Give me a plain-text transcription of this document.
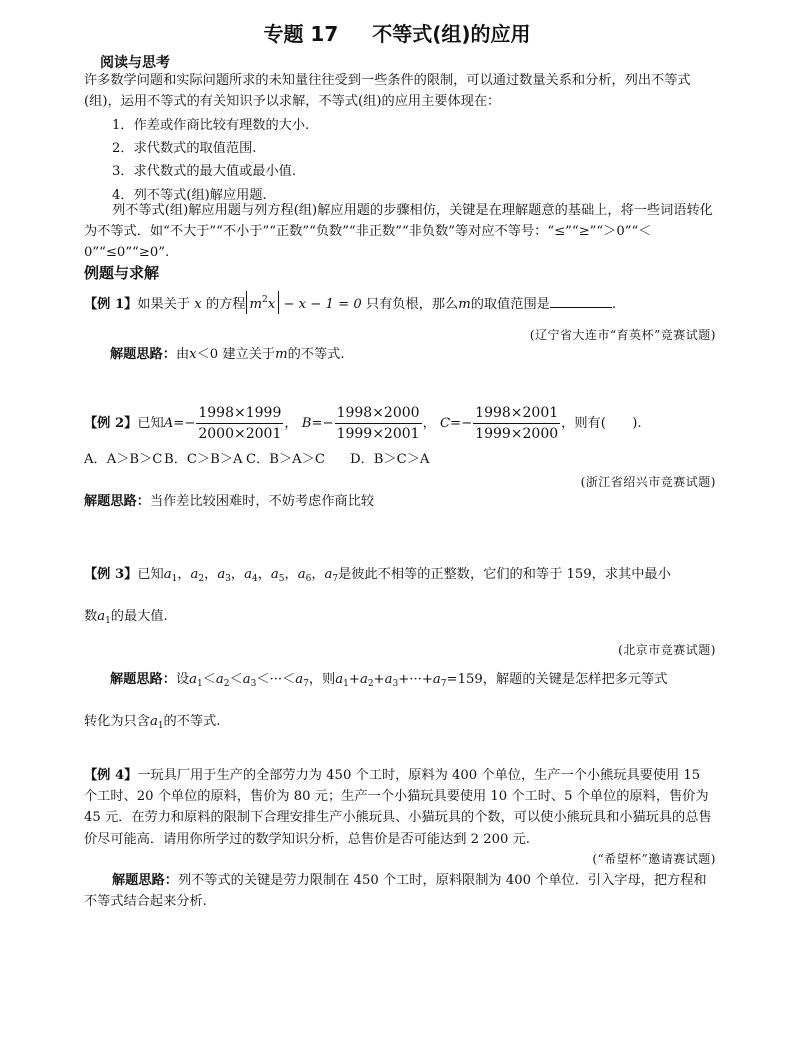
专题 17 不等式(组)的应用
阅读与思考
许多数学问题和实际问题所求的未知量往往受到一些条件的限制，可以通过数量关系和分析，列出不等式(组)，运用不等式的有关知识予以求解，不等式(组)的应用主要体现在：
1．作差或作商比较有理数的大小.
2．求代数式的取值范围.
3．求代数式的最大值或最小值.
4．列不等式(组)解应用题.
列不等式(组)解应用题与列方程(组)解应用题的步骤相仿，关键是在理解题意的基础上，将一些词语转化为不等式．如“不大于”“不小于”“正数”“负数”“非正数”“非负数”等对应不等号：“≤”“≥”“＞0”“＜0”“≤0”“≥0”.
例题与求解
【例 1】如果关于 x 的方程 $m^2x - x - 1 = 0$ 只有负根，那么m的取值范围是	.
(辽宁省大连市“育英杯”竞赛试题)
解题思路：由x＜0 建立关于m的不等式.
【例 2】已知$A=- \frac{1998\times 1999}{2000\times 2001}$ ， $B=- \frac{1998\times 2000}{1999\times 2001}$ ， $C=- \frac{1998\times 2001}{1999\times 2000}$ ，则有(　　).
A．A＞B＞C B．C＞B＞A C．B＞A＞C D．B＞C＞A
(浙江省绍兴市竞赛试题)
解题思路：当作差比较困难时，不妨考虑作商比较
【例 3】已知$a_1$，$a_2$，$a_3$，$a_4$，$a_5$，$a_6$，$a_7$是彼此不相等的正整数，它们的和等于 159，求其中最小
数$a_1$的最大值.
(北京市竞赛试题)
解题思路：设$a_1<a_2<a_3<\cdot\cdot\cdot<a_7$，则$a_1+a_2+a_3+\cdot\cdot\cdot+a_7=159$，解题的关键是怎样把多元等式
转化为只含$a_1$的不等式.
【例 4】一玩具厂用于生产的全部劳力为 450 个工时，原料为 400 个单位，生产一个小熊玩具要使用 15 个工时、20 个单位的原料，售价为 80 元；生产一个小猫玩具要使用 10 个工时、5 个单位的原料，售价为 45 元．在劳力和原料的限制下合理安排生产小熊玩具、小猫玩具的个数，可以使小熊玩具和小猫玩具的总售价尽可能高．请用你所学过的数学知识分析，总售价是否可能达到 2 200 元.
(“希望杯”邀请赛试题)
解题思路：列不等式的关键是劳力限制在 450 个工时，原料限制为 400 个单位．引入字母，把方程和不等式结合起来分析.
